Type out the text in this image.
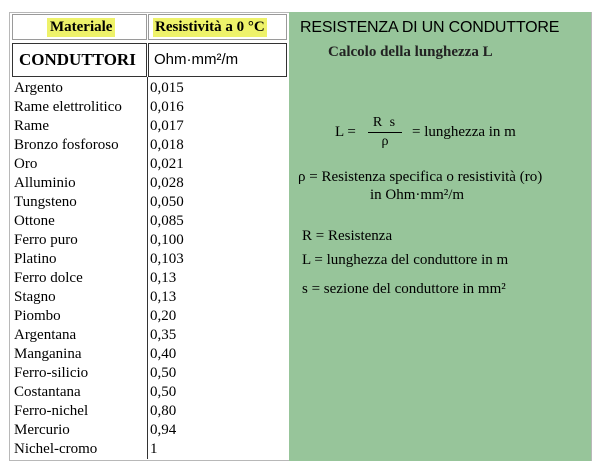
Materiale	Resistività a 0 °C
CONDUTTORI	Ohm·mm²/m
Argento
Rame elettrolitico
Rame
Bronzo fosforoso
Oro
Alluminio
Tungsteno
Ottone
Ferro puro
Platino
Ferro dolce
Stagno
Piombo
Argentana
Manganina
Ferro-silicio
Costantana
Ferro-nichel
Mercurio
Nichel-cromo
0,015
0,016
0,017
0,018
0,021
0,028
0,050
0,085
0,100
0,103
0,13
0,13
0,20
0,35
0,40
0,50
0,50
0,80
0,94
1
RESISTENZA DI UN CONDUTTORE
Calcolo della lunghezza L
$L = \frac{\text{R s}}{\rho}$ = lunghezza in m
ρ = Resistenza specifica o resistività (ro)
in Ohm·mm²/m
R = Resistenza
L = lunghezza del conduttore in m
s = sezione del conduttore in mm²
